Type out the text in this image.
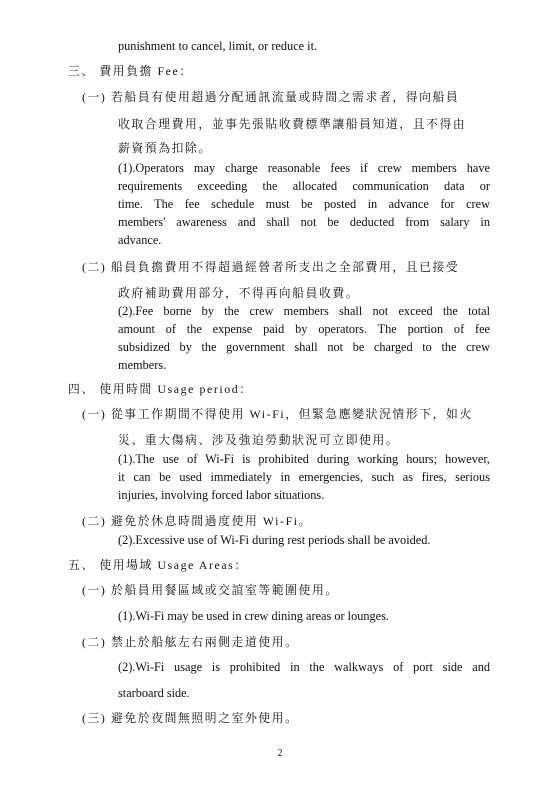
punishment to cancel, limit, or reduce it.
三、 費用負擔 Fee：
(一) 若船員有使用超過分配通訊流量或時間之需求者，得向船員
收取合理費用，並事先張貼收費標準讓船員知道，且不得由
薪資預為扣除。
(1).Operators may charge reasonable fees if crew members have
requirements exceeding the allocated communication data or
time. The fee schedule must be posted in advance for crew
members' awareness and shall not be deducted from salary in
advance.
(二) 船員負擔費用不得超過經營者所支出之全部費用，且已接受
政府補助費用部分，不得再向船員收費。
(2).Fee borne by the crew members shall not exceed the total
amount of the expense paid by operators. The portion of fee
subsidized by the government shall not be charged to the crew
members.
四、 使用時間 Usage period：
(一) 從事工作期間不得使用 Wi-Fi，但緊急應變狀況情形下，如火
災、重大傷病、涉及強迫勞動狀況可立即使用。
(1).The use of Wi-Fi is prohibited during working hours; however,
it can be used immediately in emergencies, such as fires, serious
injuries, involving forced labor situations.
(二) 避免於休息時間過度使用 Wi-Fi。
(2).Excessive use of Wi-Fi during rest periods shall be avoided.
五、 使用場域 Usage Areas：
(一) 於船員用餐區域或交誼室等範圍使用。
(1).Wi-Fi may be used in crew dining areas or lounges.
(二) 禁止於船舷左右兩側走道使用。
(2).Wi-Fi usage is prohibited in the walkways of port side and
starboard side.
(三) 避免於夜間無照明之室外使用。
2
